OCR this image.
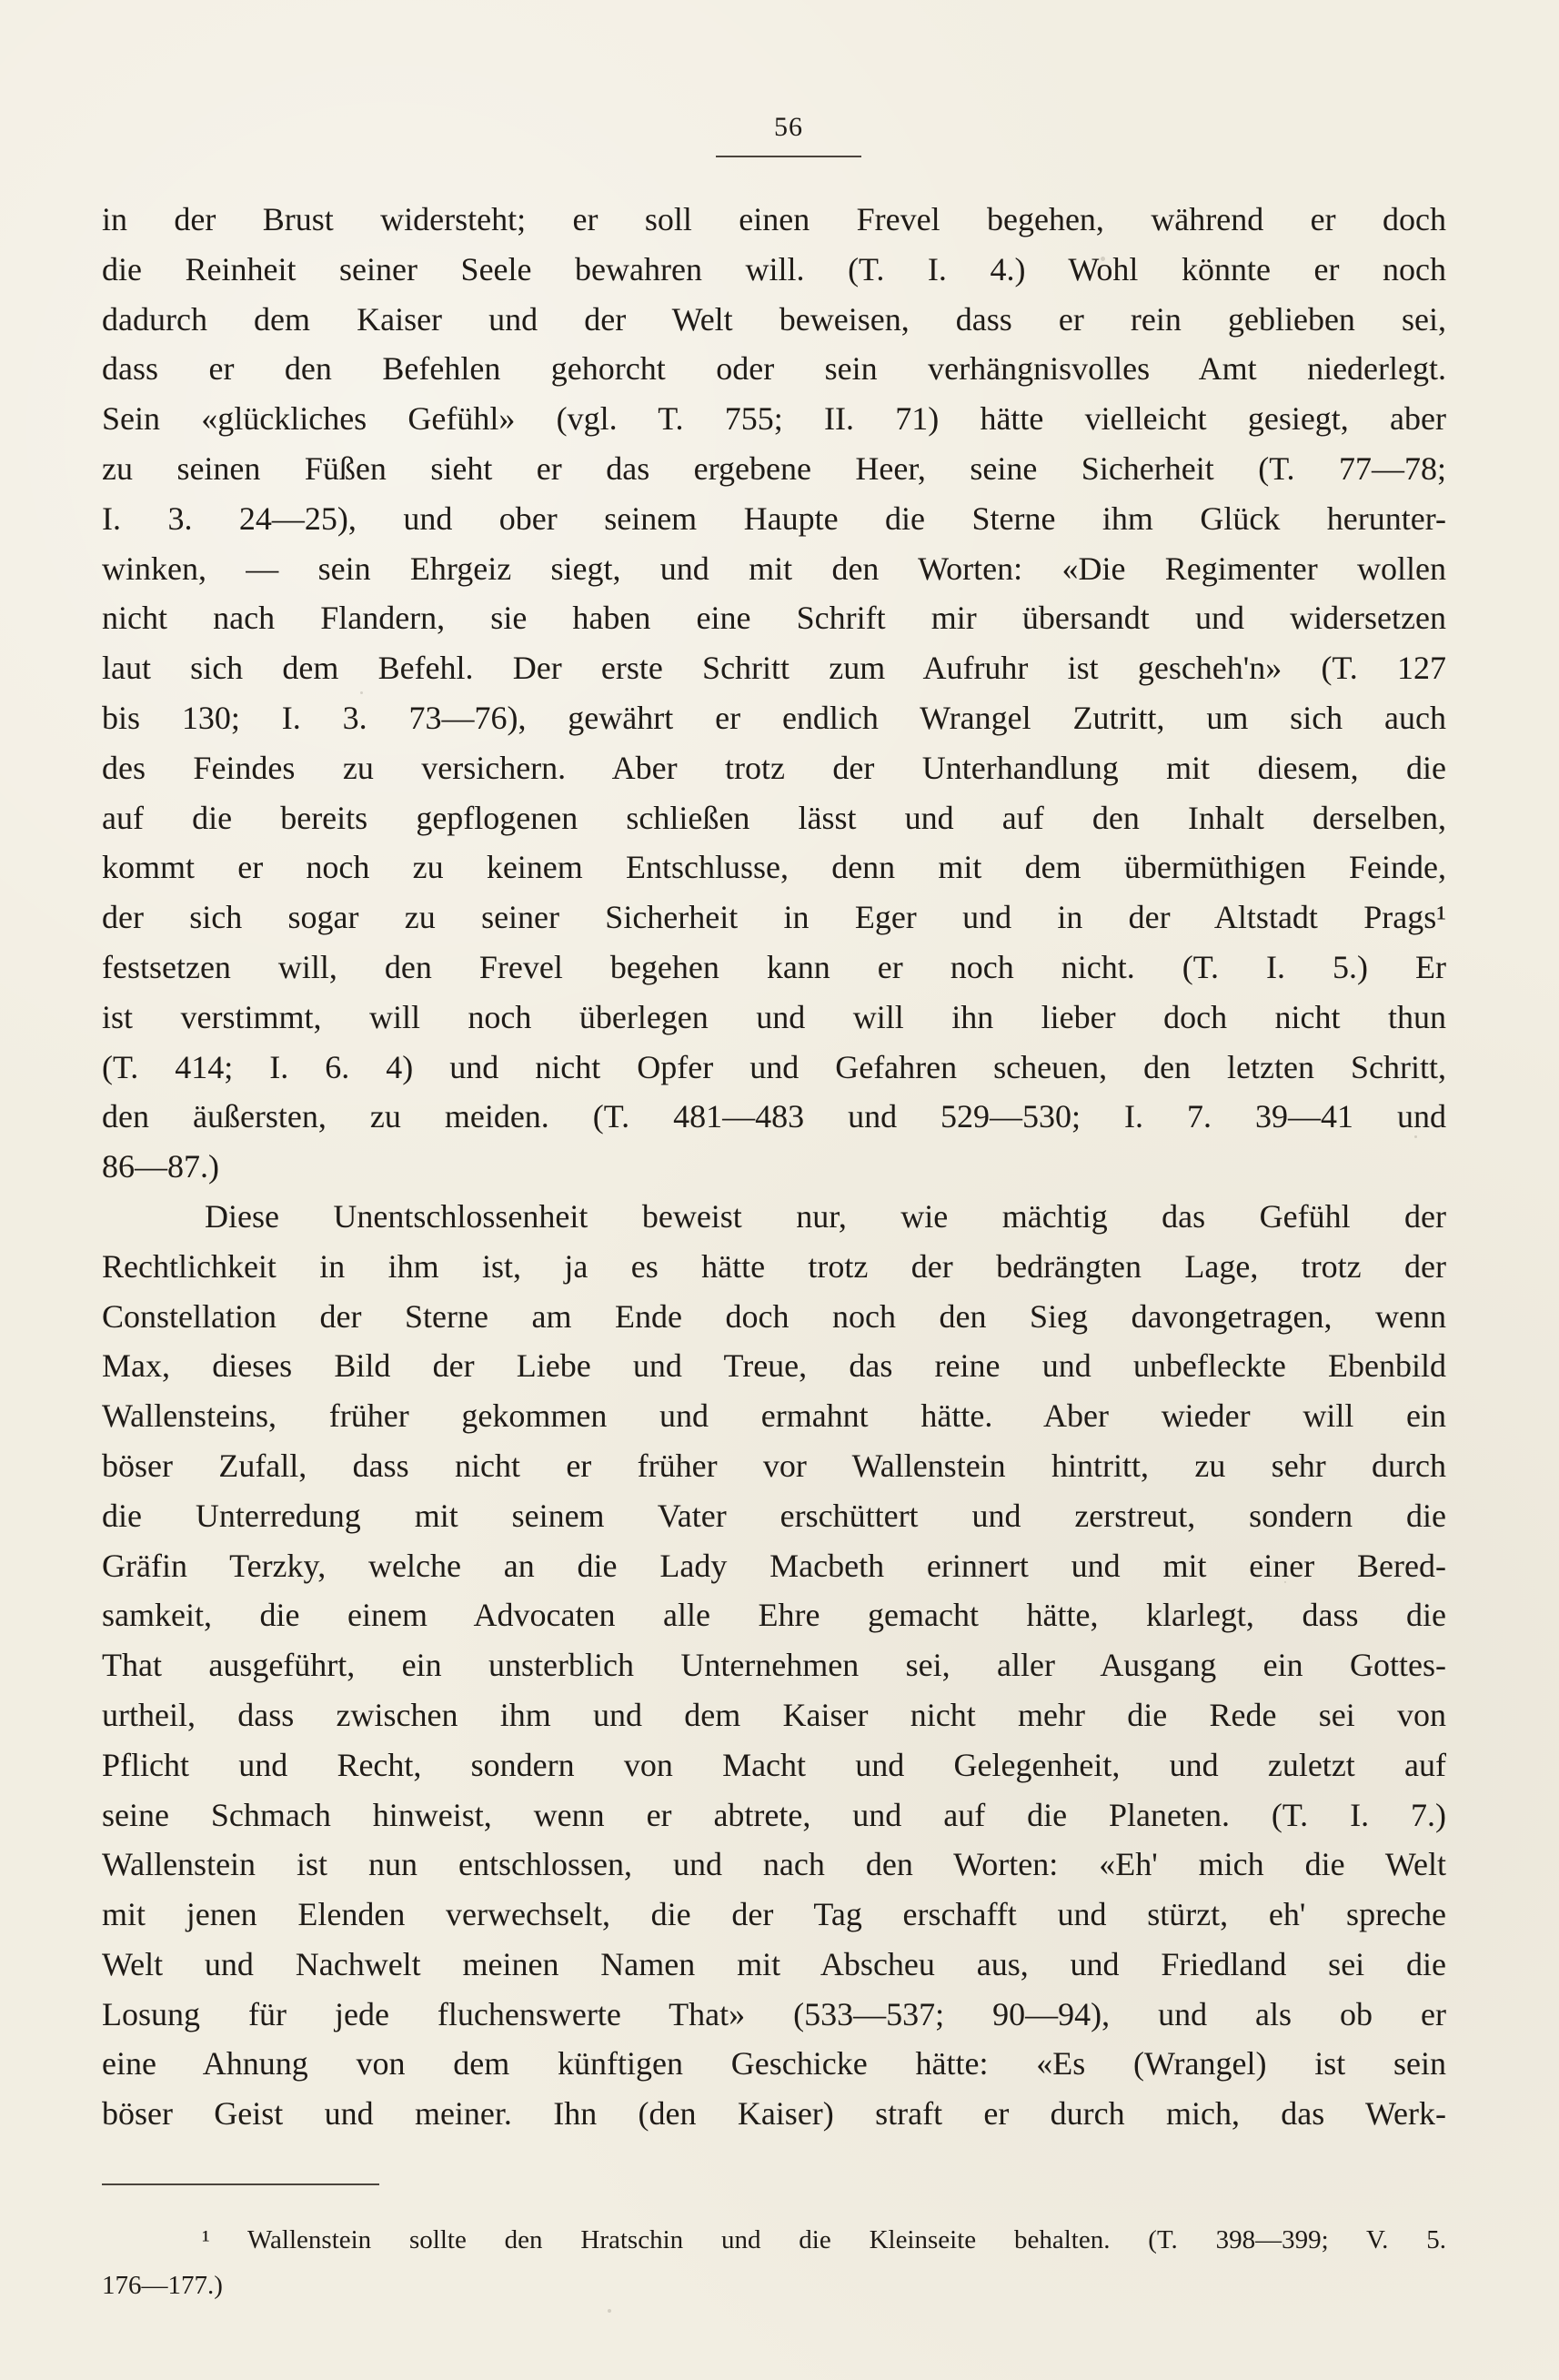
56
in der Brust widersteht; er soll einen Frevel begehen, während er doch
die Reinheit seiner Seele bewahren will. (T. I. 4.) Wohl könnte er noch
dadurch dem Kaiser und der Welt beweisen, dass er rein geblieben sei,
dass er den Befehlen gehorcht oder sein verhängnisvolles Amt niederlegt.
Sein «glückliches Gefühl» (vgl. T. 755; II. 71) hätte vielleicht gesiegt, aber
zu seinen Füßen sieht er das ergebene Heer, seine Sicherheit (T. 77—78;
I. 3. 24—25), und ober seinem Haupte die Sterne ihm Glück herunter-
winken, — sein Ehrgeiz siegt, und mit den Worten: «Die Regimenter wollen
nicht nach Flandern, sie haben eine Schrift mir übersandt und widersetzen
laut sich dem Befehl. Der erste Schritt zum Aufruhr ist gescheh'n» (T. 127
bis 130; I. 3. 73—76), gewährt er endlich Wrangel Zutritt, um sich auch
des Feindes zu versichern. Aber trotz der Unterhandlung mit diesem, die
auf die bereits gepflogenen schließen lässt und auf den Inhalt derselben,
kommt er noch zu keinem Entschlusse, denn mit dem übermüthigen Feinde,
der sich sogar zu seiner Sicherheit in Eger und in der Altstadt Prags¹
festsetzen will, den Frevel begehen kann er noch nicht. (T. I. 5.) Er
ist verstimmt, will noch überlegen und will ihn lieber doch nicht thun
(T. 414; I. 6. 4) und nicht Opfer und Gefahren scheuen, den letzten Schritt,
den äußersten, zu meiden. (T. 481—483 und 529—530; I. 7. 39—41 und
86—87.)
Diese Unentschlossenheit beweist nur, wie mächtig das Gefühl der
Rechtlichkeit in ihm ist, ja es hätte trotz der bedrängten Lage, trotz der
Constellation der Sterne am Ende doch noch den Sieg davongetragen, wenn
Max, dieses Bild der Liebe und Treue, das reine und unbefleckte Ebenbild
Wallensteins, früher gekommen und ermahnt hätte. Aber wieder will ein
böser Zufall, dass nicht er früher vor Wallenstein hintritt, zu sehr durch
die Unterredung mit seinem Vater erschüttert und zerstreut, sondern die
Gräfin Terzky, welche an die Lady Macbeth erinnert und mit einer Bered-
samkeit, die einem Advocaten alle Ehre gemacht hätte, klarlegt, dass die
That ausgeführt, ein unsterblich Unternehmen sei, aller Ausgang ein Gottes-
urtheil, dass zwischen ihm und dem Kaiser nicht mehr die Rede sei von
Pflicht und Recht, sondern von Macht und Gelegenheit, und zuletzt auf
seine Schmach hinweist, wenn er abtrete, und auf die Planeten. (T. I. 7.)
Wallenstein ist nun entschlossen, und nach den Worten: «Eh' mich die Welt
mit jenen Elenden verwechselt, die der Tag erschafft und stürzt, eh' spreche
Welt und Nachwelt meinen Namen mit Abscheu aus, und Friedland sei die
Losung für jede fluchenswerte That» (533—537; 90—94), und als ob er
eine Ahnung von dem künftigen Geschicke hätte: «Es (Wrangel) ist sein
böser Geist und meiner. Ihn (den Kaiser) straft er durch mich, das Werk-
¹ Wallenstein sollte den Hratschin und die Kleinseite behalten. (T. 398—399; V. 5.
176—177.)
